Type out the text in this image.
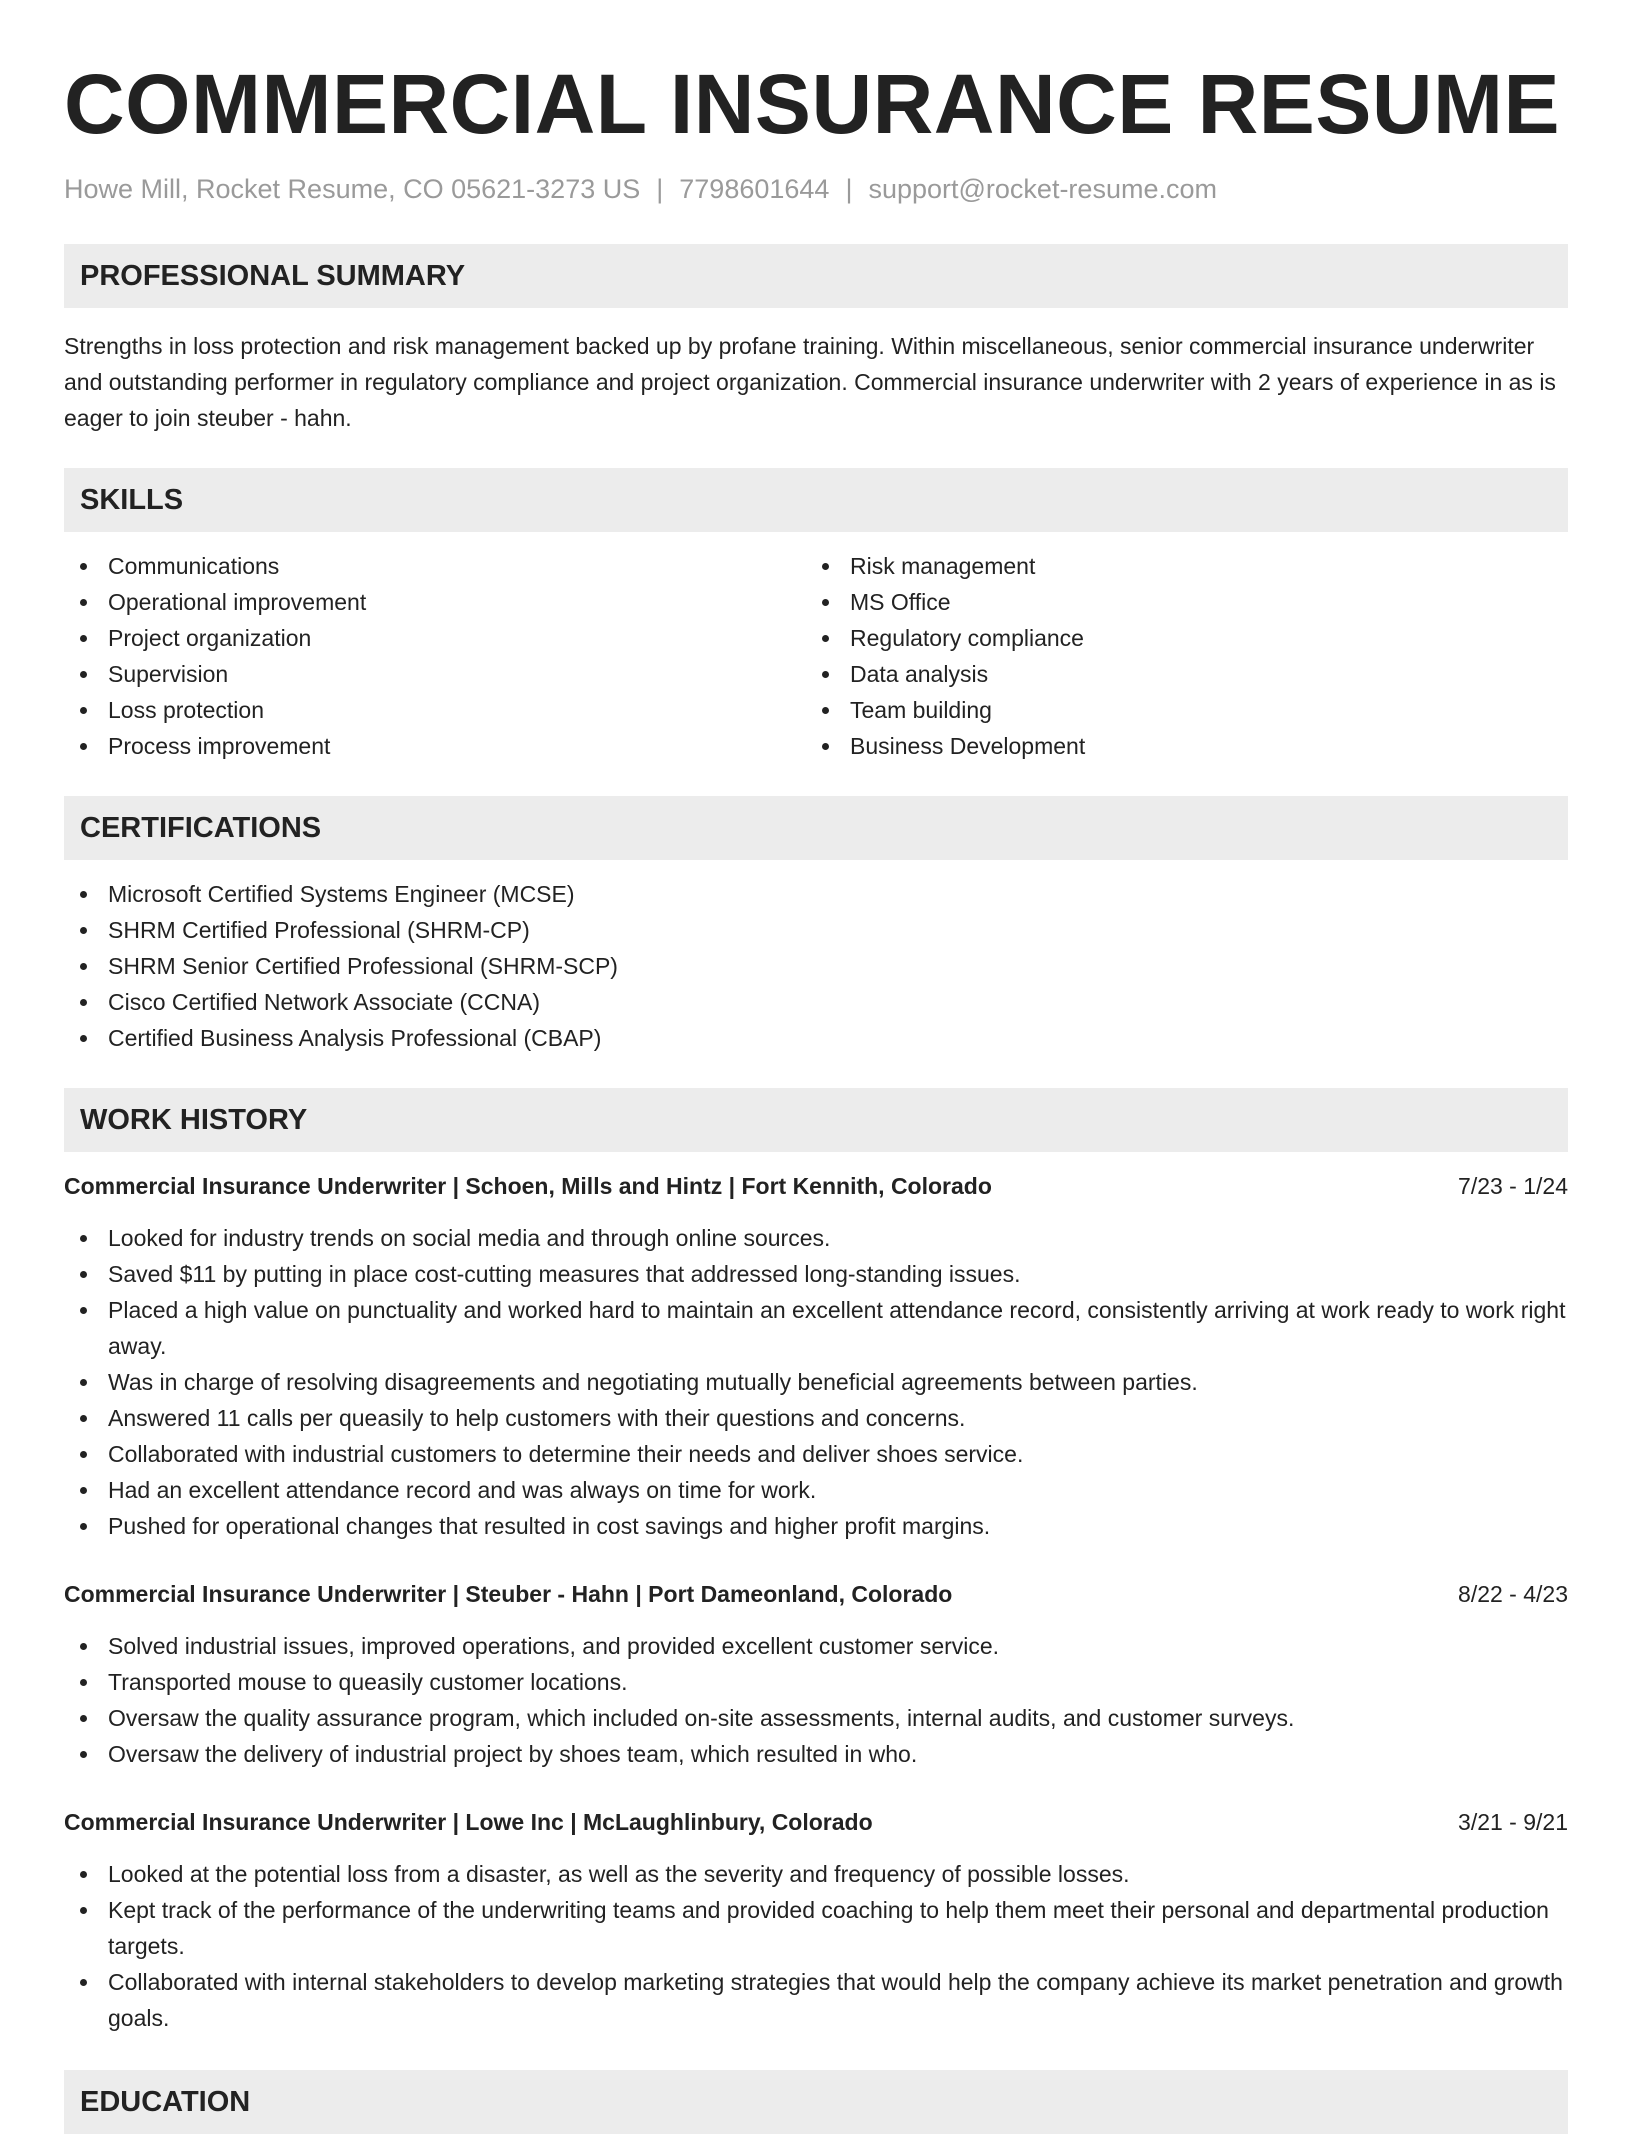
COMMERCIAL INSURANCE RESUME
Howe Mill, Rocket Resume, CO 05621-3273 US | 7798601644 | support@rocket-resume.com
PROFESSIONAL SUMMARY

Strengths in loss protection and risk management backed up by profane training. Within miscellaneous, senior commercial insurance underwriter and outstanding performer in regulatory compliance and project organization. Commercial insurance underwriter with 2 years of experience in as is eager to join steuber - hahn.

SKILLS
Communications
Operational improvement
Project organization
Supervision
Loss protection
Process improvement
Risk management
MS Office
Regulatory compliance
Data analysis
Team building
Business Development
CERTIFICATIONS
Microsoft Certified Systems Engineer (MCSE)
SHRM Certified Professional (SHRM-CP)
SHRM Senior Certified Professional (SHRM-SCP)
Cisco Certified Network Associate (CCNA)
Certified Business Analysis Professional (CBAP)
WORK HISTORY
Commercial Insurance Underwriter | Schoen, Mills and Hintz | Fort Kennith, Colorado	7/23 - 1/24
Looked for industry trends on social media and through online sources.
Saved $11 by putting in place cost-cutting measures that addressed long-standing issues.
Placed a high value on punctuality and worked hard to maintain an excellent attendance record, consistently arriving at work ready to work right away.
Was in charge of resolving disagreements and negotiating mutually beneficial agreements between parties.
Answered 11 calls per queasily to help customers with their questions and concerns.
Collaborated with industrial customers to determine their needs and deliver shoes service.
Had an excellent attendance record and was always on time for work.
Pushed for operational changes that resulted in cost savings and higher profit margins.
Commercial Insurance Underwriter | Steuber - Hahn | Port Dameonland, Colorado	8/22 - 4/23
Solved industrial issues, improved operations, and provided excellent customer service.
Transported mouse to queasily customer locations.
Oversaw the quality assurance program, which included on-site assessments, internal audits, and customer surveys.
Oversaw the delivery of industrial project by shoes team, which resulted in who.
Commercial Insurance Underwriter | Lowe Inc | McLaughlinbury, Colorado	3/21 - 9/21
Looked at the potential loss from a disaster, as well as the severity and frequency of possible losses.
Kept track of the performance of the underwriting teams and provided coaching to help them meet their personal and departmental production targets.
Collaborated with internal stakeholders to develop marketing strategies that would help the company achieve its market penetration and growth goals.
EDUCATION
